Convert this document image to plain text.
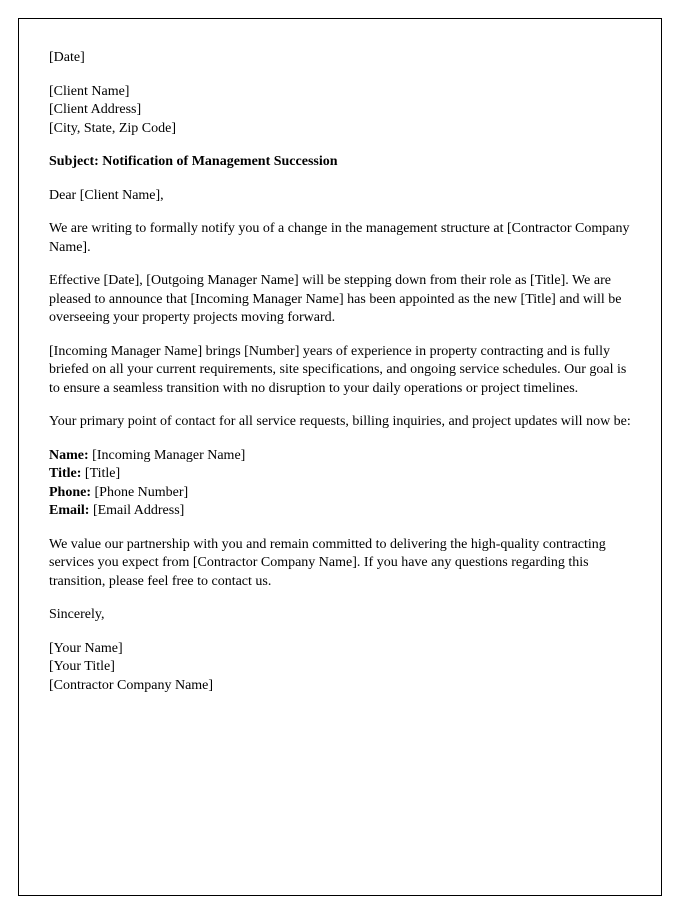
[Date]

[Client Name]
[Client Address]
[City, State, Zip Code]

Subject: Notification of Management Succession

Dear [Client Name],

We are writing to formally notify you of a change in the management structure at [Contractor Company Name].

Effective [Date], [Outgoing Manager Name] will be stepping down from their role as [Title]. We are pleased to announce that [Incoming Manager Name] has been appointed as the new [Title] and will be overseeing your property projects moving forward.

[Incoming Manager Name] brings [Number] years of experience in property contracting and is fully briefed on all your current requirements, site specifications, and ongoing service schedules. Our goal is to ensure a seamless transition with no disruption to your daily operations or project timelines.

Your primary point of contact for all service requests, billing inquiries, and project updates will now be:

Name: [Incoming Manager Name]
Title: [Title]
Phone: [Phone Number]
Email: [Email Address]

We value our partnership with you and remain committed to delivering the high-quality contracting services you expect from [Contractor Company Name]. If you have any questions regarding this transition, please feel free to contact us.

Sincerely,

[Your Name]
[Your Title]
[Contractor Company Name]
